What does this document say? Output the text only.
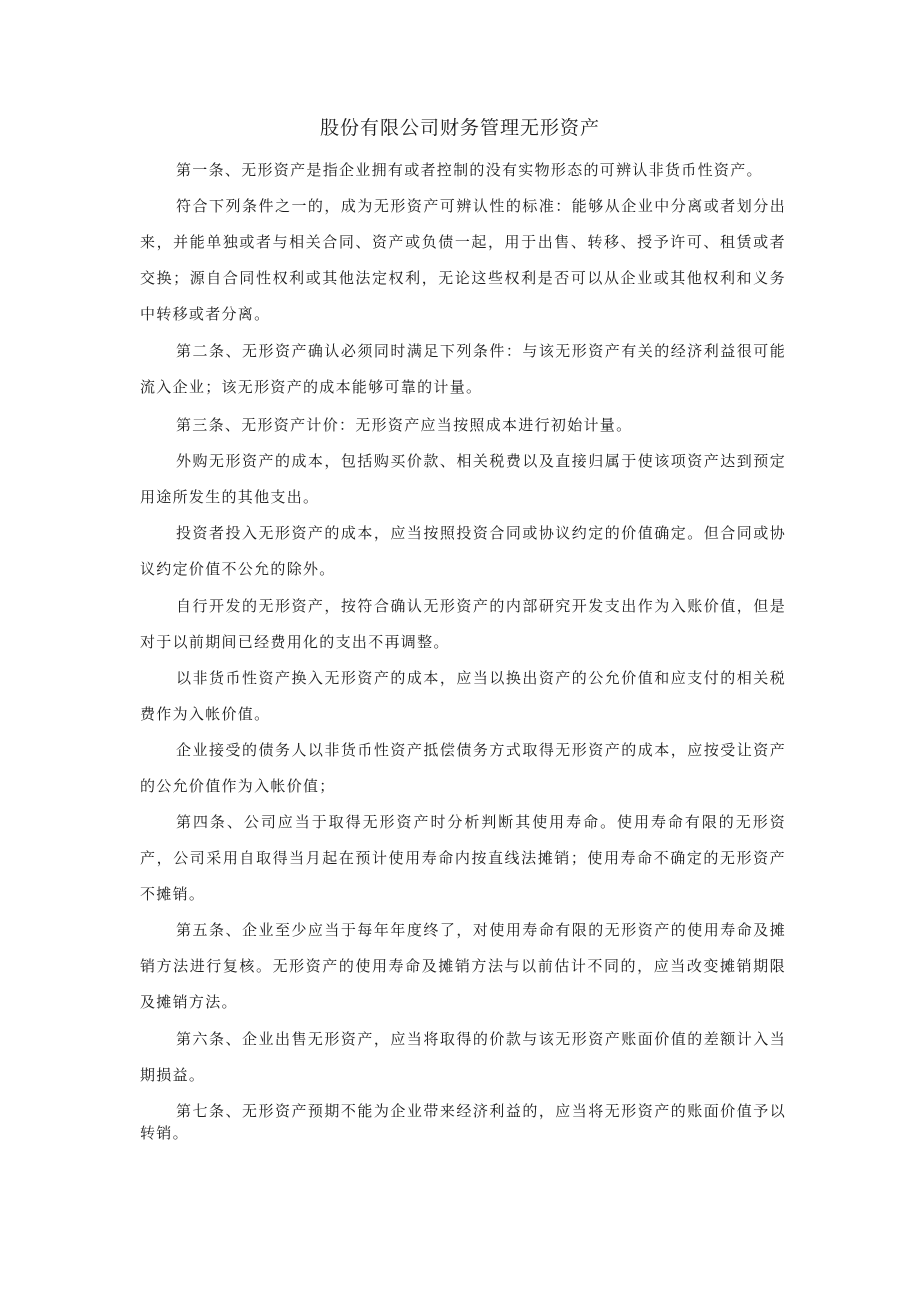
股份有限公司财务管理无形资产

第一条、无形资产是指企业拥有或者控制的没有实物形态的可辨认非货币性资产。

符合下列条件之一的，成为无形资产可辨认性的标准：能够从企业中分离或者划分出来，并能单独或者与相关合同、资产或负债一起，用于出售、转移、授予许可、租赁或者交换；源自合同性权利或其他法定权利，无论这些权利是否可以从企业或其他权利和义务中转移或者分离。

第二条、无形资产确认必须同时满足下列条件：与该无形资产有关的经济利益很可能流入企业；该无形资产的成本能够可靠的计量。

第三条、无形资产计价：无形资产应当按照成本进行初始计量。

外购无形资产的成本，包括购买价款、相关税费以及直接归属于使该项资产达到预定用途所发生的其他支出。

投资者投入无形资产的成本，应当按照投资合同或协议约定的价值确定。但合同或协议约定价值不公允的除外。

自行开发的无形资产，按符合确认无形资产的内部研究开发支出作为入账价值，但是对于以前期间已经费用化的支出不再调整。

以非货币性资产换入无形资产的成本，应当以换出资产的公允价值和应支付的相关税费作为入帐价值。

企业接受的债务人以非货币性资产抵偿债务方式取得无形资产的成本，应按受让资产的公允价值作为入帐价值；

第四条、公司应当于取得无形资产时分析判断其使用寿命。使用寿命有限的无形资产，公司采用自取得当月起在预计使用寿命内按直线法摊销；使用寿命不确定的无形资产不摊销。

第五条、企业至少应当于每年年度终了，对使用寿命有限的无形资产的使用寿命及摊销方法进行复核。无形资产的使用寿命及摊销方法与以前估计不同的，应当改变摊销期限及摊销方法。

第六条、企业出售无形资产，应当将取得的价款与该无形资产账面价值的差额计入当期损益。

第七条、无形资产预期不能为企业带来经济利益的，应当将无形资产的账面价值予以转销。
